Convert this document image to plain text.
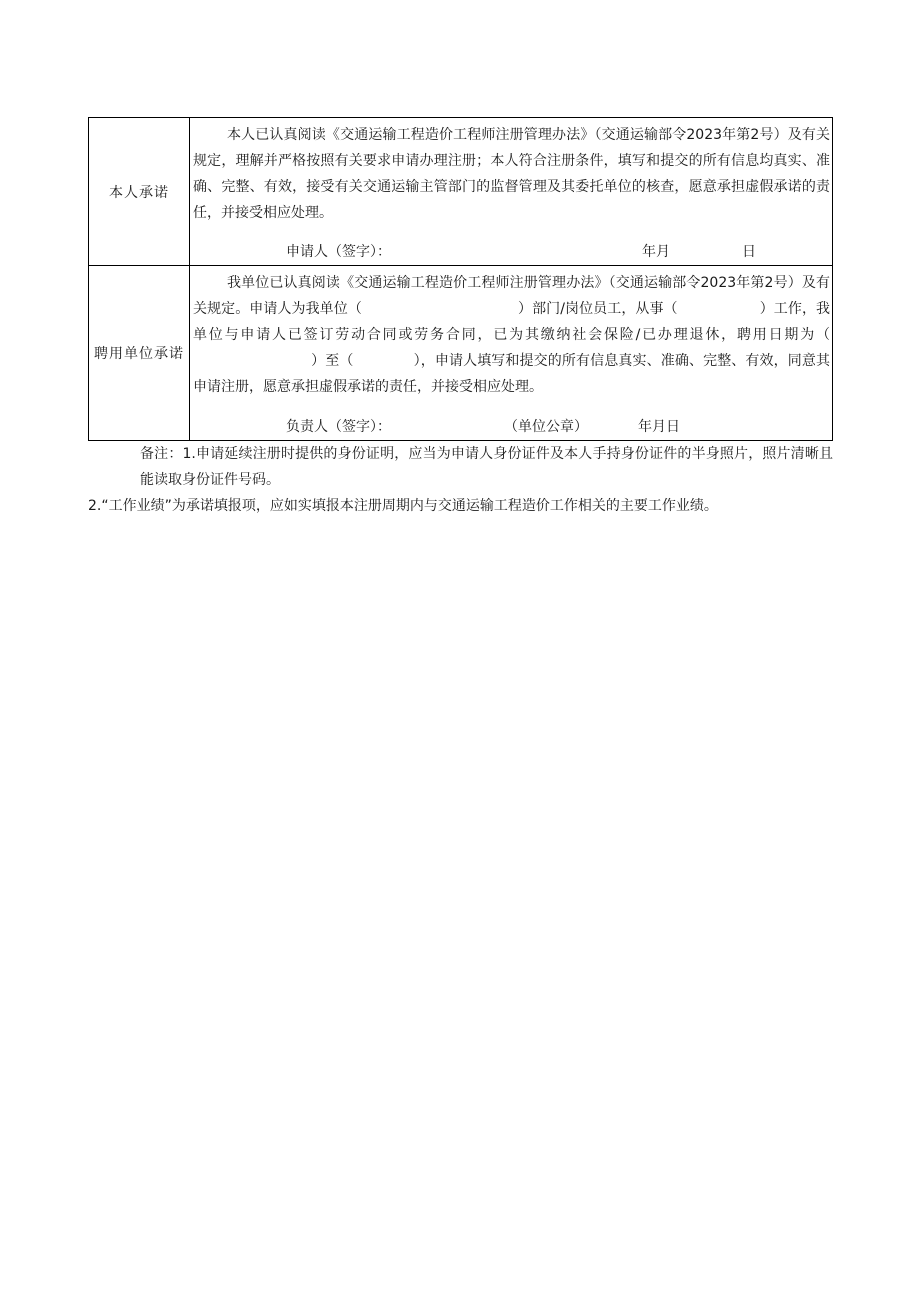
本人承诺	本人已认真阅读《交通运输工程造价工程师注册管理办法》（交通运输部令2023年第2号）及有关规定，理解并严格按照有关要求申请办理注册；本人符合注册条件，填写和提交的所有信息均真实、准确、完整、有效，接受有关交通运输主管部门的监督管理及其委托单位的核查，愿意承担虚假承诺的责任，并接受相应处理。

申请人（签字）： 年月 日

聘用单位承诺	我单位已认真阅读《交通运输工程造价工程师注册管理办法》（交通运输部令2023年第2号）及有关规定。申请人为我单位（ ）部门/岗位员工，从事（ ）工作，我单位与申请人已签订劳动合同或劳务合同，已为其缴纳社会保险/已办理退休，聘用日期为（）至（ ），申请人填写和提交的所有信息真实、准确、完整、有效，同意其申请注册，愿意承担虚假承诺的责任，并接受相应处理。

负责人（签字）： （单位公章） 年月日

备注：1.申请延续注册时提供的身份证明，应当为申请人身份证件及本人手持身份证件的半身照片，照片清晰且能读取身份证件号码。

2.“工作业绩”为承诺填报项，应如实填报本注册周期内与交通运输工程造价工作相关的主要工作业绩。
